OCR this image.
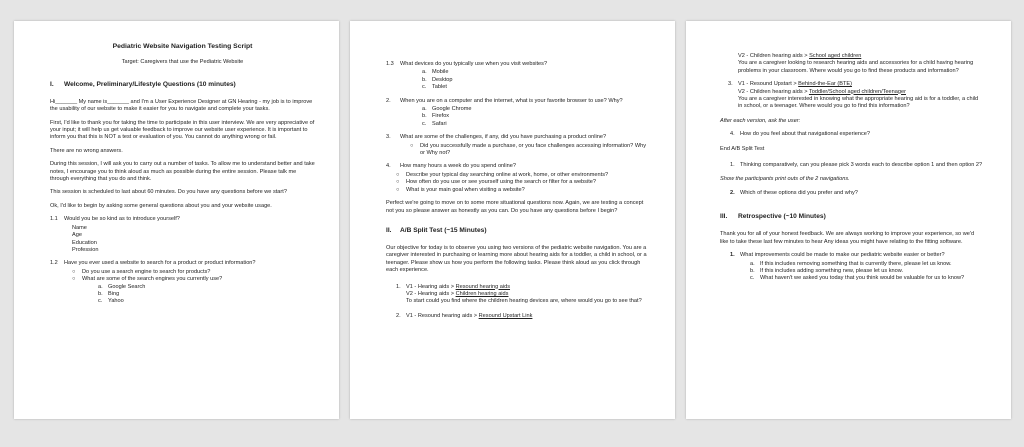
Pediatric Website Navigation Testing Script
Target: Caregivers that use the Pediatric Website
I. Welcome, Preliminary/Lifestyle Questions (10 minutes)

Hi_______ My name is_______ and I'm a User Experience Designer at GN Hearing - my job is to improve the usability of our website to make it easier for you to navigate and complete your tasks.

First, I'd like to thank you for taking the time to participate in this user interview. We are very appreciative of your input; it will help us get valuable feedback to improve our website user experience. It is important to inform you that this is NOT a test or evaluation of you. You cannot do anything wrong or fail.

There are no wrong answers.

During this session, I will ask you to carry out a number of tasks. To allow me to understand better and take notes, I encourage you to think aloud as much as possible during the entire session. Please talk me through everything that you do and think.

This session is scheduled to last about 60 minutes. Do you have any questions before we start?

Ok, I'd like to begin by asking some general questions about you and your website usage.

1.1	Would you be so kind as to introduce yourself?
Name
Age
Education
Profession
1.2	Have you ever used a website to search for a product or product information?
○	Do you use a search engine to search for products?
○	What are some of the search engines you currently use?
a. Google Search
b. Bing
c.	Yahoo
1.3	What devices do you typically use when you visit websites?
a. Mobile
b. Desktop
c.	Tablet
2.	When you are on a computer and the internet, what is your favorite browser to use? Why?
a. Google Chrome
b. Firefox
c.	Safari
3.	What are some of the challenges, if any, did you have purchasing a product online?
○	Did you successfully made a purchase, or you face challenges accessing information? Why or Why not?
4.	How many hours a week do you spend online?
○	Describe your typical day searching online at work, home, or other environments?
○	How often do you use or see yourself using the search or filter for a website?
○	What is your main goal when visiting a website?

Perfect we're going to move on to some more situational questions now. Again, we are testing a concept not you so please answer as honestly as you can. Do you have any questions before I begin?

II. A/B Split Test (~15 Minutes)

Our objective for today is to observe you using two versions of the pediatric website navigation. You are a caregiver interested in purchasing or learning more about hearing aids for a toddler, a child in school, or a teenager. Please show us how you perform the following tasks. Please think aloud as you click through each experience.

1. V1 - Hearing aids > Resound hearing aids
V2 - Hearing aids > Children hearing aids
To start could you find where the children hearing devices are, where would you go to see that?
2. V1 - Resound hearing aids > Resound Upstart Link
V2 - Children hearing aids > School aged children
You are a caregiver looking to research hearing aids and accessories for a child having hearing problems in your classroom. Where would you go to find these products and information?
3. V1 - Resound Upstart > Behind-the-Ear (BTE)
V2 - Children hearing aids > Toddler/School aged children/Teenager
You are a caregiver interested in knowing what the appropriate hearing aid is for a toddler, a child in school, or a teenager. Where would you go to find this information?

After each version, ask the user:

4. How do you feel about that navigational experience?

End A/B Split Test

1. Thinking comparatively, can you please pick 3 words each to describe option 1 and then option 2?

Show the participants print outs of the 2 navigations.

2. Which of these options did you prefer and why?
III. Retrospective (~10 Minutes)

Thank you for all of your honest feedback. We are always working to improve your experience, so we'd like to take these last few minutes to hear Any ideas you might have relating to the fitting software.

1. What improvements could be made to make our pediatric website easier or better?
a. If this includes removing something that is currently there, please let us know.
b. If this includes adding something new, please let us know.
c.	What haven't we asked you today that you think would be valuable for us to know?
